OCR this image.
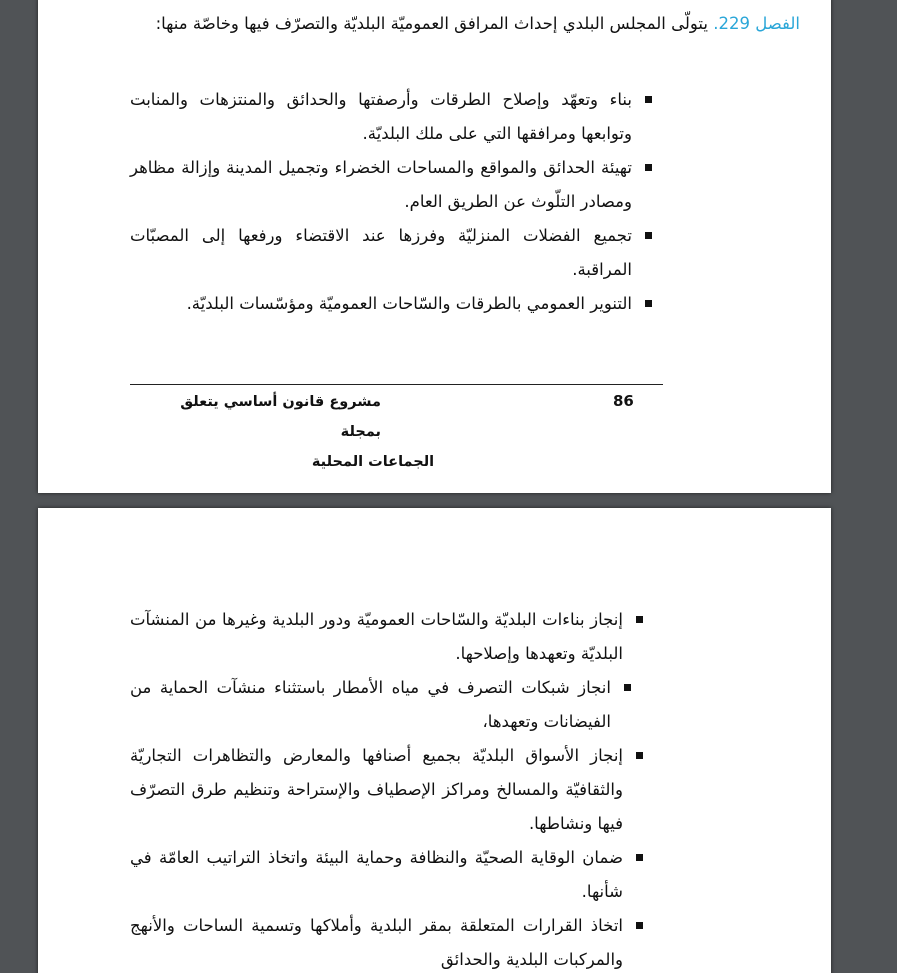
الفصل 229. يتولّى المجلس البلدي إحداث المرافق العموميّة البلديّة والتصرّف فيها وخاصّة منها:
بناء وتعهّد وإصلاح الطرقات وأرصفتها والحدائق والمنتزهات والمنابت وتوابعها ومرافقها التي على ملك البلديّة.
تهيئة الحدائق والمواقع والمساحات الخضراء وتجميل المدينة وإزالة مظاهر ومصادر التلّوث عن الطريق العام.
تجميع الفضلات المنزليّة وفرزها عند الاقتضاء ورفعها إلى المصبّات المراقبة.
التنوير العمومي بالطرقات والسّاحات العموميّة ومؤسّسات البلديّة.
86
مشروع قانون أساسي يتعلق بمجلة
الجماعات المحلية
إنجاز بناءات البلديّة والسّاحات العموميّة ودور البلدية وغيرها من المنشآت البلديّة وتعهدها وإصلاحها.
انجاز شبكات التصرف في مياه الأمطار باستثناء منشآت الحماية من الفيضانات وتعهدها،
إنجاز الأسواق البلديّة بجميع أصنافها والمعارض والتظاهرات التجاريّة والثقافيّة والمسالخ ومراكز الإصطياف والإستراحة وتنظيم طرق التصرّف فيها ونشاطها.
ضمان الوقاية الصحيّة والنظافة وحماية البيئة واتخاذ التراتيب العامّة في شأنها.
اتخاذ القرارات المتعلقة بمقر البلدية وأملاكها وتسمية الساحات والأنهج والمركبات البلدية والحدائق
